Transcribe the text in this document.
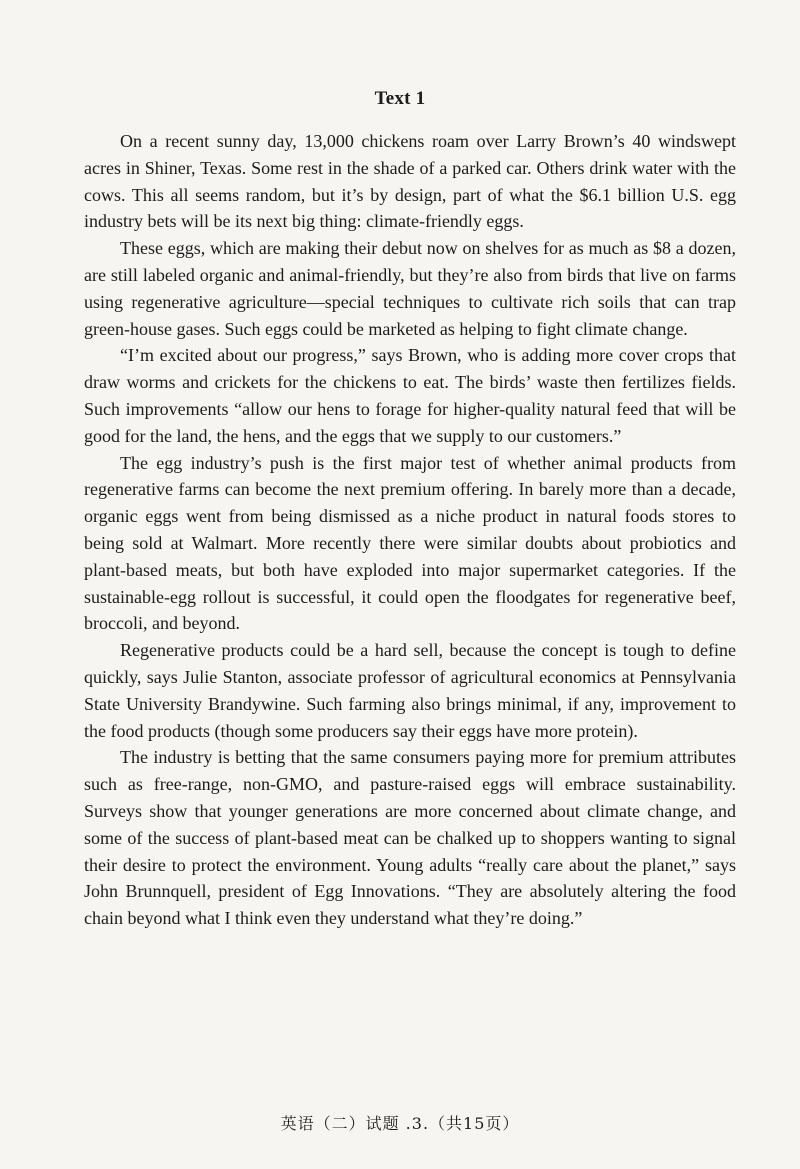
Text 1

On a recent sunny day, 13,000 chickens roam over Larry Brown’s 40 windswept acres in Shiner, Texas. Some rest in the shade of a parked car. Others drink water with the cows. This all seems random, but it’s by design, part of what the $6.1 billion U.S. egg industry bets will be its next big thing: climate-friendly eggs.

These eggs, which are making their debut now on shelves for as much as $8 a dozen, are still labeled organic and animal-friendly, but they’re also from birds that live on farms using regenerative agriculture—special techniques to cultivate rich soils that can trap green-house gases. Such eggs could be marketed as helping to fight climate change.

“I’m excited about our progress,” says Brown, who is adding more cover crops that draw worms and crickets for the chickens to eat. The birds’ waste then fertilizes fields. Such improvements “allow our hens to forage for higher-quality natural feed that will be good for the land, the hens, and the eggs that we supply to our customers.”

The egg industry’s push is the first major test of whether animal products from regenerative farms can become the next premium offering. In barely more than a decade, organic eggs went from being dismissed as a niche product in natural foods stores to being sold at Walmart. More recently there were similar doubts about probiotics and plant-based meats, but both have exploded into major supermarket categories. If the sustainable-egg rollout is successful, it could open the floodgates for regenerative beef, broccoli, and beyond.

Regenerative products could be a hard sell, because the concept is tough to define quickly, says Julie Stanton, associate professor of agricultural economics at Pennsylvania State University Brandywine. Such farming also brings minimal, if any, improvement to the food products (though some producers say their eggs have more protein).

The industry is betting that the same consumers paying more for premium attributes such as free-range, non-GMO, and pasture-raised eggs will embrace sustainability. Surveys show that younger generations are more concerned about climate change, and some of the success of plant-based meat can be chalked up to shoppers wanting to signal their desire to protect the environment. Young adults “really care about the planet,” says John Brunnquell, president of Egg Innovations. “They are absolutely altering the food chain beyond what I think even they understand what they’re doing.”

英语（二）试题 .3.（共15页）
